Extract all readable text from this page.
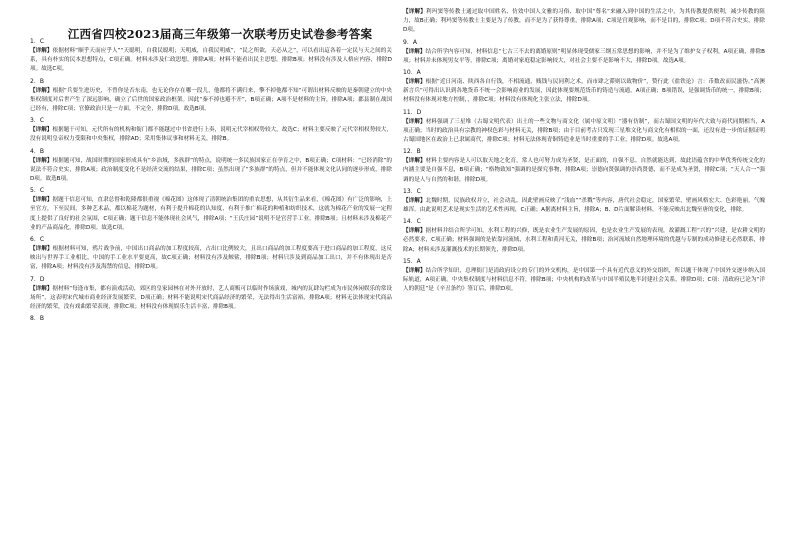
江西省四校2023届高三年级第一次联考历史试卷参考答案
1．C
【详解】依据材料“顺乎天而应乎人”“天聪明，自我民聪明；天明威，自我民明威”，“民之所欲，天必从之”，可以看出這各着一定民与天之间的关系，具有朴实的民本思想特点，C项正确。材料未涉及仁政思想，排除A项；材料不能看出民主思想，排除B项；材料没有涉及人格应内容，排除D项。故选C项。
2．B
【详解】根据“兵要生进历史，不曾你是否东南，也无论你存在哪一段儿，他都将不满归来，擎不掉他都不知“可谓出材料反映的是秦朝建立的中央集权制度对后世产生了深远影响，确立了后世的国家政治框架。因此“秦不掉也避不开”，B项正确；A项不是材料的主旨，排除A项；郡县制在战国已经有，排除C项；官僚政治只是一方面，不完全，排除D项。故选B项。
3．C
【详解】根据题干可知，元代所有的机构和衙门都不能越过中书省进行上奏，说明元代宰相权势较大，故选C；材料主要反映了元代宰相权势较大，没有说明皇帝权力受限和中央集权，排除AD；采用集体议事和材料无关，排除B。
4．B
【详解】根据题可知，战国时期的国家形成具有“乡治域，多族群”的特点，说明统一多民族国家正在孕育之中，B项正确；C项材料：“已经消除”的说法不符合史实，排除A项；政治制度变化不是经济交流的结果，排除C项；虽然出现了“多族群”的特点，但并不能体现文化认同的逐步形成，排除D项。故选B项。
5．C
【详解】据题干信息可知，直隶总督和乾隆都很重视《棉花图》这体现了清朝统治集团的重农思想，从其衍生品来看，《棉花图》有广泛的影响，上至官方，下至民间，多种艺术品，都以棉花为题材，有利于提升棉花的认知度，有利于推广棉花的种植和纺织技术，这就为棉花产业的发展一定程度上提供了良好的社会氛围，C项正确；题干信息不能体现社会风气，排除A项；“王氏庄园”说明不是官营手工业，排除B项；且材料未涉及棉花产业的产品商品化，排除D项。故选C项。
6．C
【详解】根据材料可知，鸦片战争前，中国出口商品的加工程度较高，占出口比例较大，且出口商品的加工程度要高于进口商品的加工程度，这反映出与世界手工业相比，中国的手工业水平要更高，故C项正确；材料没有涉及鲸鲨，排除B项；材料只涉及到商品加工出口，并不有体现出是否富，排除A项；材料没有涉及海禁的信息，排除D项。
7．D
【详解】据材料“每逢市集，都有演戏活动，郊区的皇家园林在对外开放时，艺人商贩可以临时作场演戏，城内的瓦肆勾栏成为市民休闲娱乐的常设场所”，这表明宋代城市商业经济发展繁荣，D项正确；材料不能说明宋代商品经济的繁荣，无法得出生活富裕，排除A项；材料无法体现宋代商品经济的繁荣，没有戏曲繁荣表现，排除C项；材料没有体现娱乐生活丰富，排除B项。
8．B
【详解】利玛窦等传教士通过取中国姓名、仿效中国人文雅的习俗、取中国“尊名”来融入到中国的生活之中，为其传教提供便利，减少传教的阻力，故B正确；利玛窦等传教士主要是为了传教，而不是为了获得尊重，排除A项；C项是宫观影响，而不是目的，排除C项；D项不符合史实，排除D项。
9．A
【详解】结合所学内容可知，材料信息“七古三不去的离婚原则”明显体现受儒家三纲五常思想的影响，并不是为了维护女子权利，A项正确，排除B项；材料并未体现男女平等，排除C项；离婚对家庭稳定影响较大，对社会主要不是影响不大，排除D项。故选A项。
10．A
【详解】根据“近日河南、陕西各自行钱，不相流通，贱钱与民同利之术，而市肆之滞则以致物价”，赞行此《盐铁论》言：币数改而民滋伪。”高澳新言兵“可得出认识到各地货币不统一会影响商业的发展，因此体现要规范货币的铸造与流通，A项正确；B项错误，是强调货币的统一，排除B项；材料没有体现对地方控制，，排除C项；材料没有体现化主张立法，排除D项。
11．D
【详解】材料强调了三星堆（古蜀文明代表）出土的一些文物与商文化（属中原文明）“器有仿制”，而古蜀国文明的年代大致与商代同期相当，A项正确；当时的政治具有宗教的神权色彩与材料无关，排除B项；由于目前考古只发现三星堆文化与商文化有相似的一面，还没有进一步的证据证明古蜀国地区在政治上已隶属商代，排除C项；材料无法体现青铜铸造业是当时重要的手工业，排除D项。故选A项。
12．B
【详解】材料主要内容是人可以取天地之化育，常人也可努力成为圣贤，是正面的，自强不息，自然就能达到，故此语蕴含的中华优秀传统文化的内涵主要是自强不息，B项正确；“格物致知”强调的是探究事物，排除A项；崇德向贤强调的崇尚贤德，而不是成为圣贤，排除C项；“天人合一”强调的是人与自然的和谐，排除D项。
13．C
【详解】北魏时期，民族政权并立，社会动乱，因此壁画反映了“浅血”“杀戮”等内容，唐代社会稳定，国家繁荣，壁画风格宏大、色彩艳丽，气魄雄浑。由此说明艺术是现实生活的艺术性再现，C正确；A据离材料主旨，排除A；B、D片面解读材料，不能反映出北魏至唐的变化，排除。
14．C
【详解】据材料并结合所学可知，水利工程的兴修，既是农业生产发展的原因，也是农业生产发展的表现，故灌溉工程“兴的”兴建，是农耕文明的必然要求，C项正确；材料强调的是依靠河流域，水利工程和黄河无关，排除B项；治河流域自然地理环境的优越与专制的成功修建无必然联系，排除A；材料未涉及灌溉技术的长期领先，排除D项。
15．A
【详解】结合所学知识，总理衙门是清政府设立的专门的外交机构，是中国第一个具有近代意义的外交组织，所以题干体现了中国外交逐步纳入国际轨道，A项正确。中央集权制度与材料信息不符，排除B项；中央机构的改革与中国半殖民地半封建社会关系，排除D项；C项：清政府已沦为“洋人的朝廷”是《辛丑条约》签订后，排除D项。
